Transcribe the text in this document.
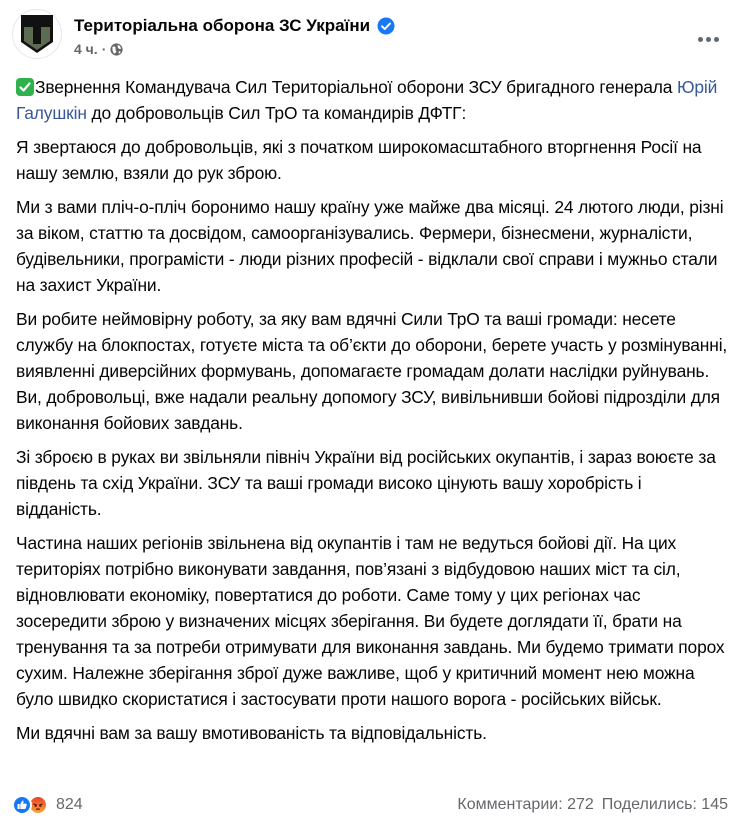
Територіальна оборона ЗС України
4 ч. ·

Звернення Командувача Сил Територіальної оборони ЗСУ бригадного генерала Юрій Галушкін до добровольців Сил ТрО та командирів ДФТГ:

Я звертаюся до добровольців, які з початком широкомасштабного вторгнення Росії на нашу землю, взяли до рук зброю.

Ми з вами пліч-о-пліч боронимо нашу країну уже майже два місяці. 24 лютого люди, різні за віком, статтю та досвідом, самоорганізувались. Фермери, бізнесмени, журналісти, будівельники, програмісти - люди різних професій - відклали свої справи і мужньо стали на захист України.

Ви робите неймовірну роботу, за яку вам вдячні Сили ТрО та ваші громади: несете службу на блокпостах, готуєте міста та об’єкти до оборони, берете участь у розмінуванні, виявленні диверсійних формувань, допомагаєте громадам долати наслідки руйнувань. Ви, добровольці, вже надали реальну допомогу ЗСУ, вивільнивши бойові підрозділи для виконання бойових завдань.

Зі зброєю в руках ви звільняли північ України від російських окупантів, і зараз воюєте за південь та схід України. ЗСУ та ваші громади високо цінують вашу хоробрість і відданість.

Частина наших регіонів звільнена від окупантів і там не ведуться бойові дії. На цих територіях потрібно виконувати завдання, пов’язані з відбудовою наших міст та сіл, відновлювати економіку, повертатися до роботи. Саме тому у цих регіонах час зосередити зброю у визначених місцях зберігання. Ви будете доглядати її, брати на тренування та за потреби отримувати для виконання завдань. Ми будемо тримати порох сухим. Належне зберігання зброї дуже важливе, щоб у критичний момент нею можна було швидко скористатися і застосувати проти нашого ворога - російських військ.

Ми вдячні вам за вашу вмотивованість та відповідальність.

824	Комментарии: 272 Поделились: 145
